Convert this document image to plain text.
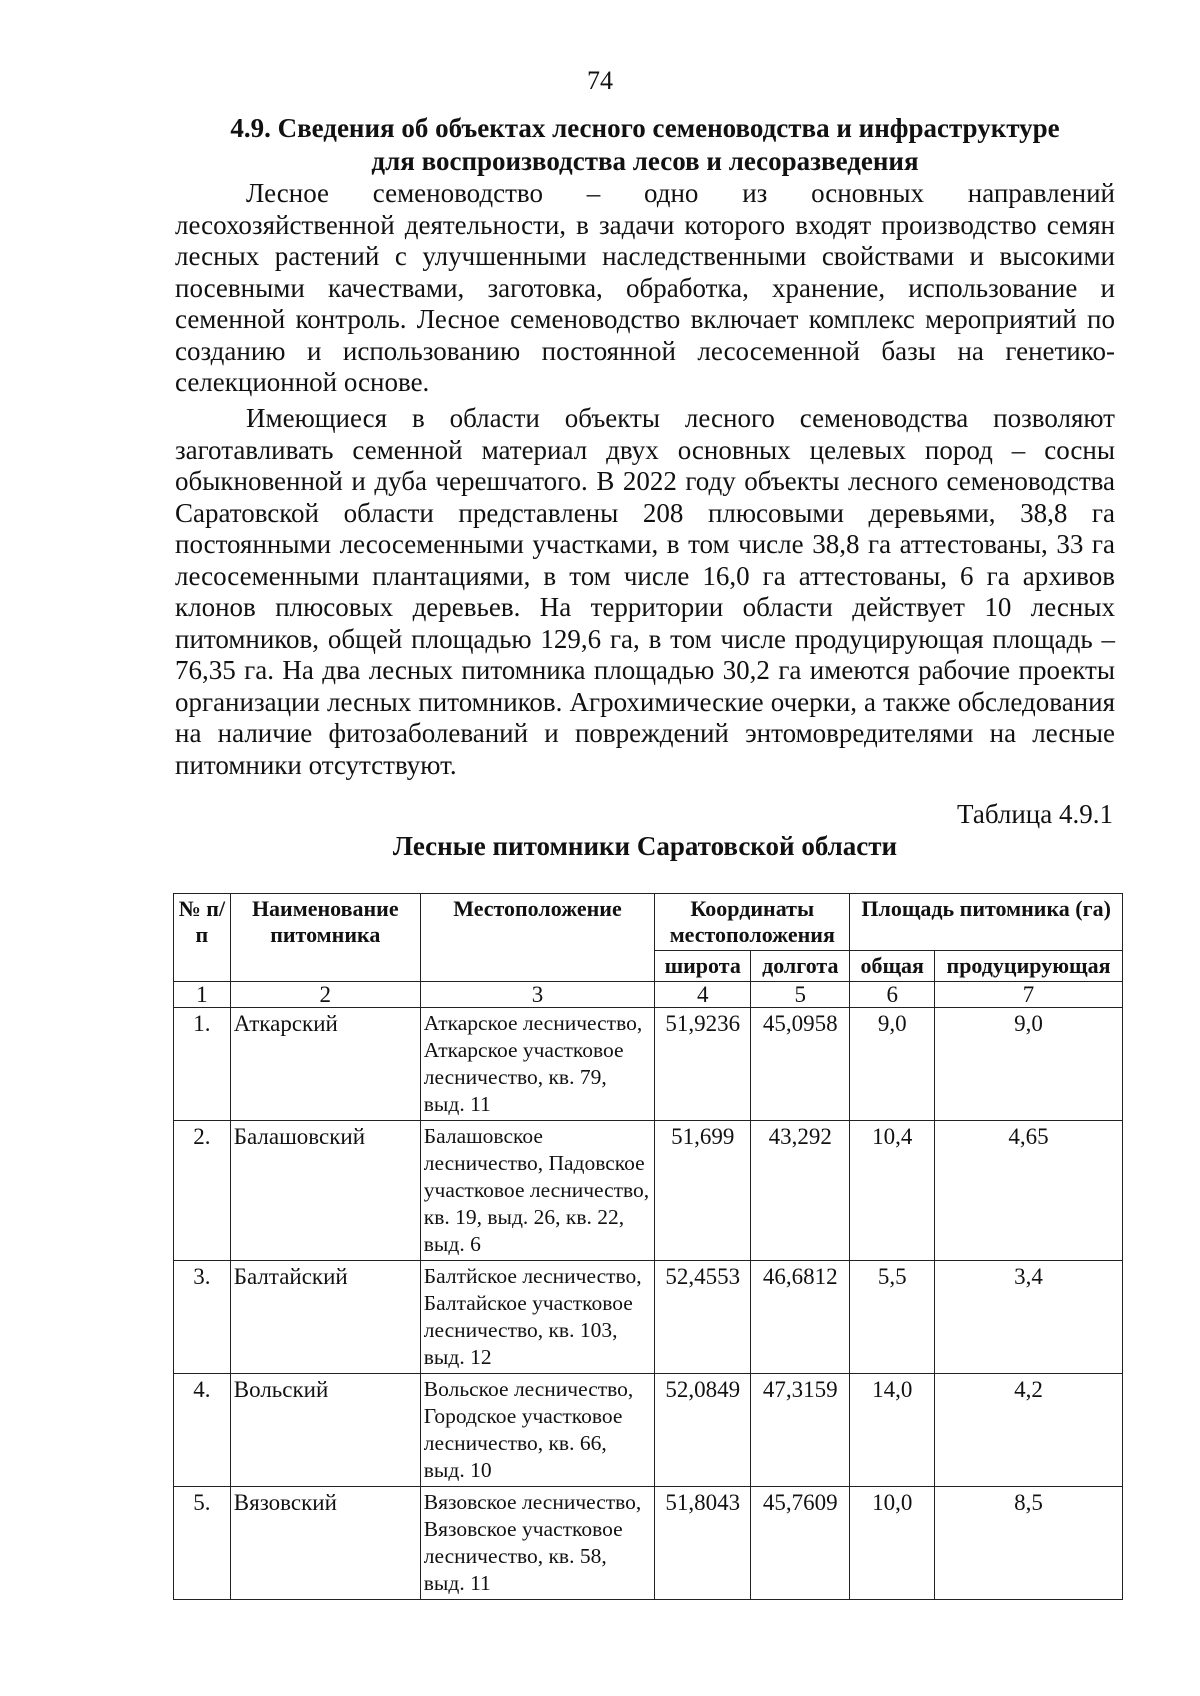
74
4.9. Сведения об объектах лесного семеноводства и инфраструктуре
для воспроизводства лесов и лесоразведения

Лесное семеноводство – одно из основных направлений лесохозяйственной деятельности, в задачи которого входят производство семян лесных растений с улучшенными наследственными свойствами и высокими посевными качествами, заготовка, обработка, хранение, использование и семенной контроль. Лесное семеноводство включает комплекс мероприятий по созданию и использованию постоянной лесосеменной базы на генетико-селекционной основе.

Имеющиеся в области объекты лесного семеноводства позволяют заготавливать семенной материал двух основных целевых пород – сосны обыкновенной и дуба черешчатого. В 2022 году объекты лесного семеноводства Саратовской области представлены 208 плюсовыми деревьями, 38,8 га постоянными лесосеменными участками, в том числе 38,8 га аттестованы, 33 га лесосеменными плантациями, в том числе 16,0 га аттестованы, 6 га архивов клонов плюсовых деревьев. На территории области действует 10 лесных питомников, общей площадью 129,6 га, в том числе продуцирующая площадь – 76,35 га. На два лесных питомника площадью 30,2 га имеются рабочие проекты организации лесных питомников. Агрохимические очерки, а также обследования на наличие фитозаболеваний и повреждений энтомовредителями на лесные питомники отсутствуют.

Таблица 4.9.1
Лесные питомники Саратовской области
№ п/п	Наименование питомника	Местоположение	Координаты местоположения		Площадь питомника (га)	
			широта	долгота	общая	продуцирующая
1	2	3	4	5	6	7
1.	Аткарский	Аткарское лесничество, Аткарское участковое лесничество, кв. 79, выд. 11	51,9236	45,0958	9,0	9,0
2.	Балашовский	Балашовское лесничество, Падовское участковое лесничество, кв. 19, выд. 26, кв. 22, выд. 6	51,699	43,292	10,4	4,65
3.	Балтайский	Балтйское лесничество, Балтайское участковое лесничество, кв. 103, выд. 12	52,4553	46,6812	5,5	3,4
4.	Вольский	Вольское лесничество, Городское участковое лесничество, кв. 66, выд. 10	52,0849	47,3159	14,0	4,2
5.	Вязовский	Вязовское лесничество, Вязовское участковое лесничество, кв. 58, выд. 11	51,8043	45,7609	10,0	8,5
